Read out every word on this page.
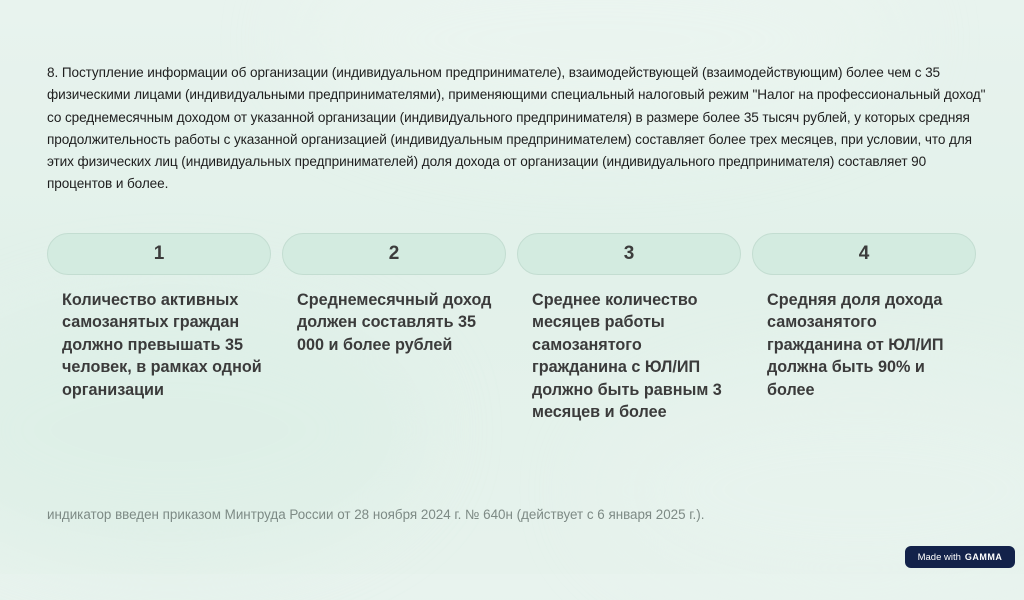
8. Поступление информации об организации (индивидуальном предпринимателе), взаимодействующей (взаимодействующим) более чем с 35 физическими лицами (индивидуальными предпринимателями), применяющими специальный налоговый режим "Налог на профессиональный доход" со среднемесячным доходом от указанной организации (индивидуального предпринимателя) в размере более 35 тысяч рублей, у которых средняя продолжительность работы с указанной организацией (индивидуальным предпринимателем) составляет более трех месяцев, при условии, что для этих физических лиц (индивидуальных предпринимателей) доля дохода от организации (индивидуального предпринимателя) составляет 90 процентов и более.
1	2	3	4
Количество активных самозанятых граждан должно превышать 35 человек, в рамках одной организации
Среднемесячный доход должен составлять 35 000 и более рублей
Среднее количество месяцев работы самозанятого гражданина с ЮЛ/ИП должно быть равным 3 месяцев и более
Средняя доля дохода самозанятого гражданина от ЮЛ/ИП должна быть 90% и более
индикатор введен приказом Минтруда России от 28 ноября 2024 г. № 640н (действует с 6 января 2025 г.).
Made with GAMMA
